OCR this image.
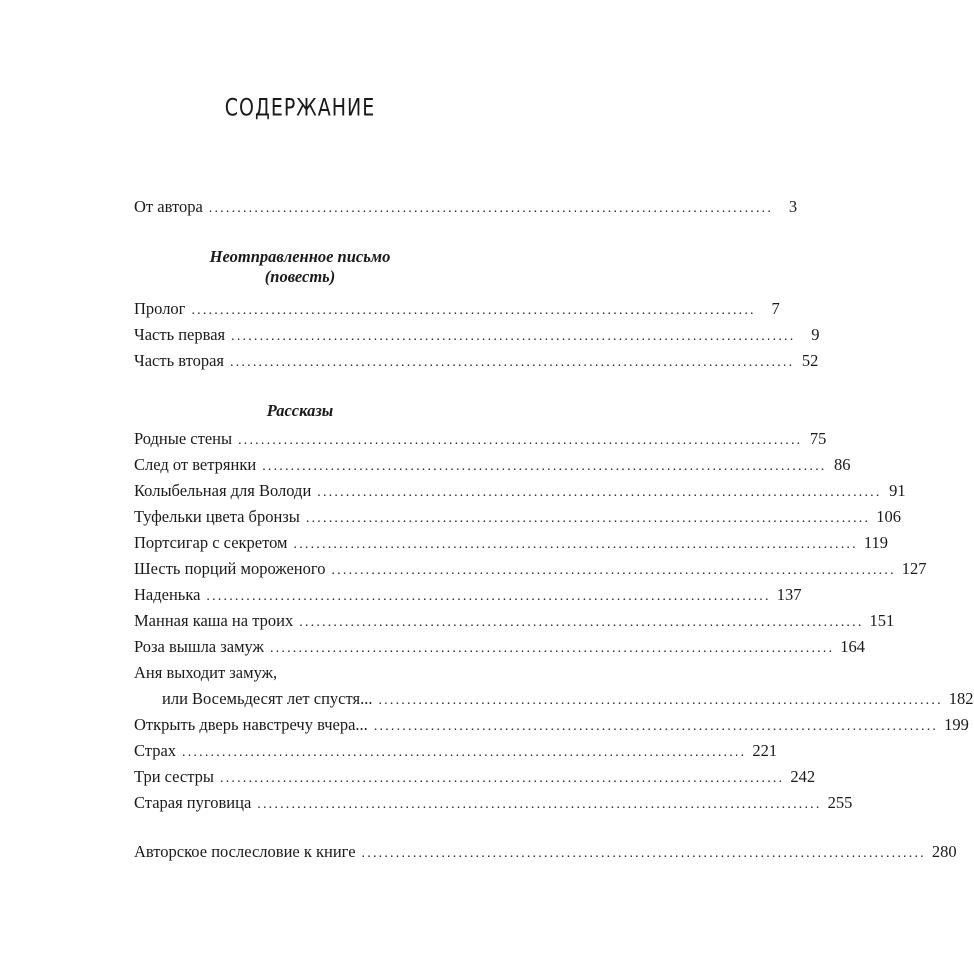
СОДЕРЖАНИЕ
От автора ................................................................................................... 3
Неотправленное письмо
(повесть)
Пролог ................................................................................................... 7
Часть первая ................................................................................................... 9
Часть вторая ................................................................................................... 52
Рассказы
Родные стены ................................................................................................... 75
След от ветрянки ................................................................................................... 86
Колыбельная для Володи ................................................................................................... 91
Туфельки цвета бронзы ................................................................................................... 106
Портсигар с секретом ................................................................................................... 119
Шесть порций мороженого ................................................................................................... 127
Наденька ................................................................................................... 137
Манная каша на троих ................................................................................................... 151
Роза вышла замуж ................................................................................................... 164
Аня выходит замуж,
или Восемьдесят лет спустя... ................................................................................................... 182
Открыть дверь навстречу вчера... ................................................................................................... 199
Страх ................................................................................................... 221
Три сестры ................................................................................................... 242
Старая пуговица ................................................................................................... 255
Авторское послесловие к книге ................................................................................................... 280
